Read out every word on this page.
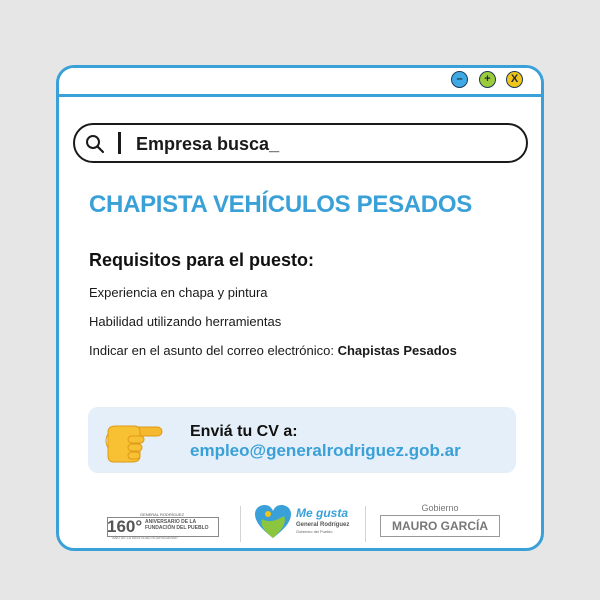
–	+	X
Empresa busca_
CHAPISTA VEHÍCULOS PESADOS
Requisitos para el puesto:
Experiencia en chapa y pintura
Habilidad utilizando herramientas
Indicar en el asunto del correo electrónico: Chapistas Pesados
Enviá tu CV a:
empleo@generalrodriguez.gob.ar
GENERAL RODRÍGUEZ
160° ANIVERSARIO DE LA
FUNDACIÓN DEL PUEBLO
"AÑO DE LA IDENTIDAD RODRIGUENSE"
Me gusta
General Rodríguez
Gobierno del Pueblo
Gobierno
MAURO GARCÍA
